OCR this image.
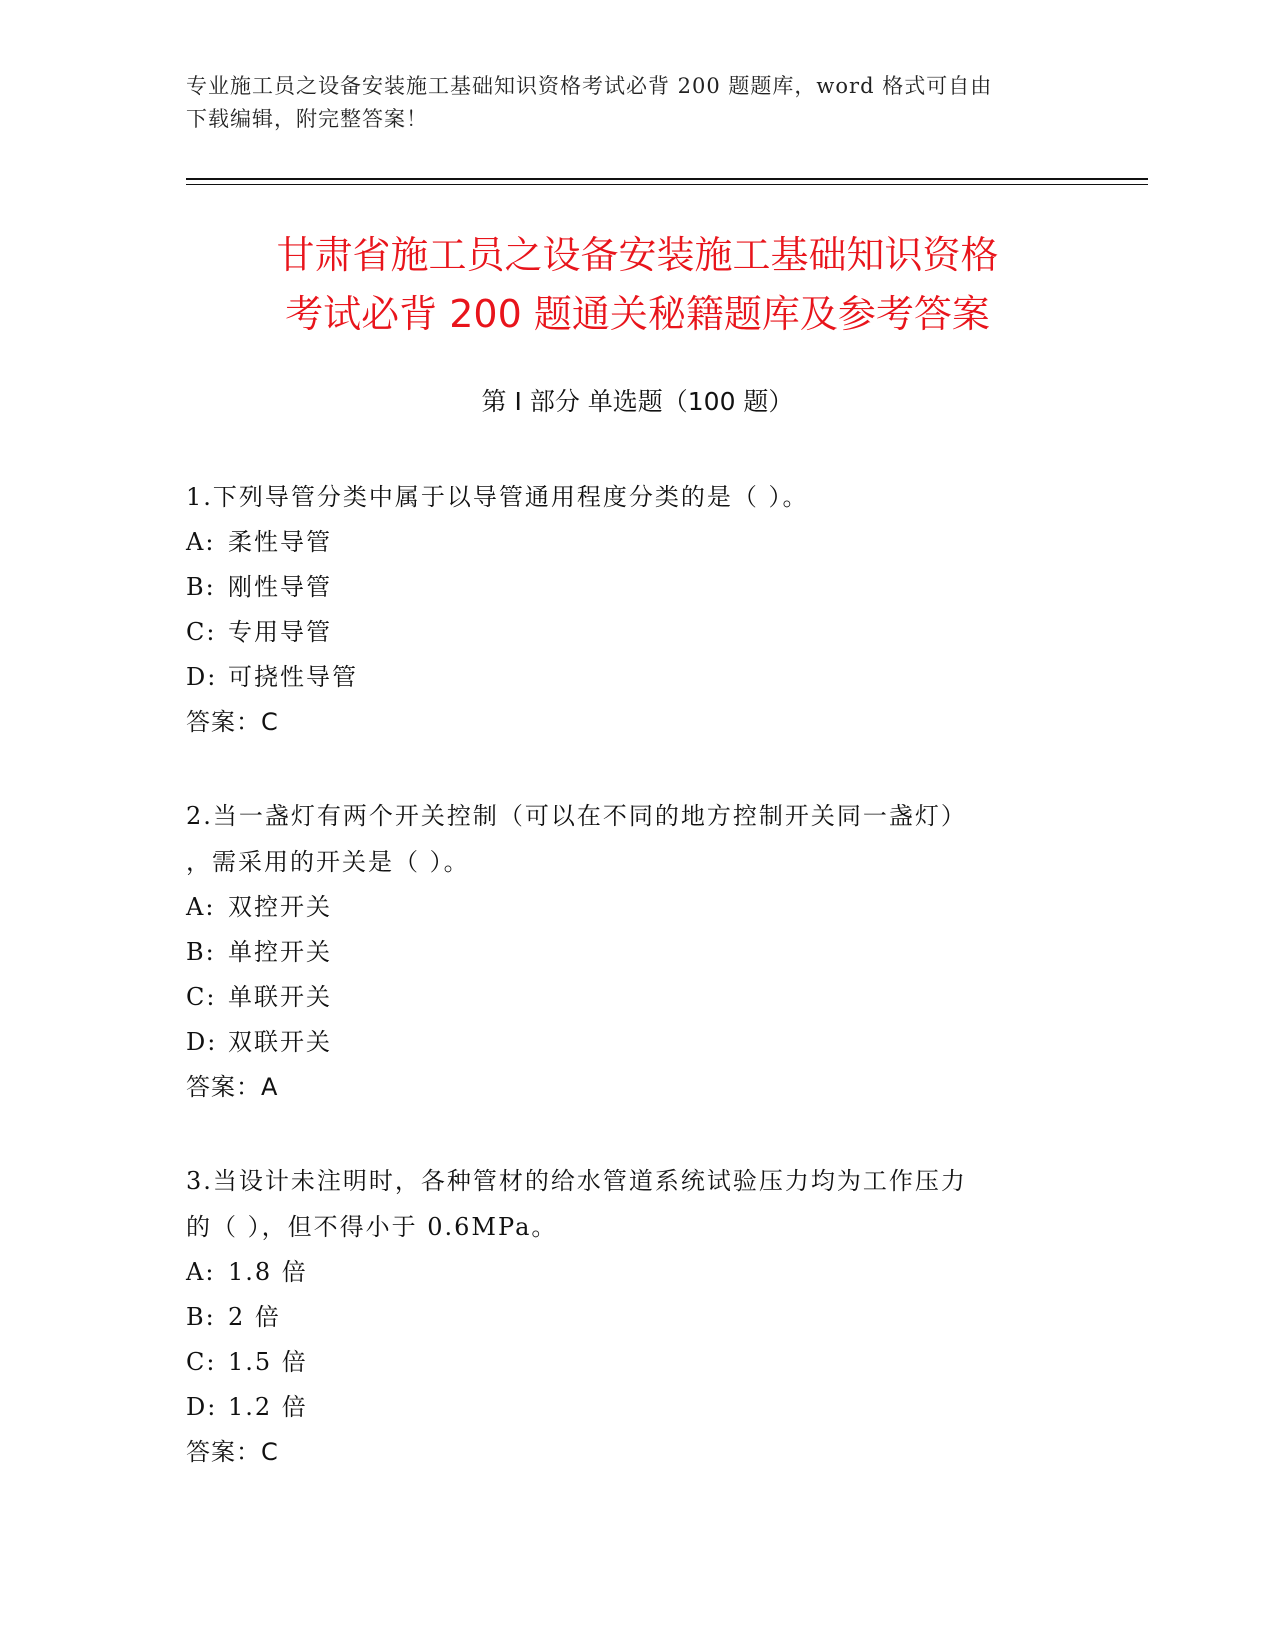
专业施工员之设备安装施工基础知识资格考试必背 200 题题库，word 格式可自由
下载编辑，附完整答案！
甘肃省施工员之设备安装施工基础知识资格
考试必背 200 题通关秘籍题库及参考答案
第 I 部分 单选题（100 题）
1.下列导管分类中属于以导管通用程度分类的是（ ）。
A: 柔性导管
B: 刚性导管
C: 专用导管
D: 可挠性导管
答案：C
2.当一盏灯有两个开关控制（可以在不同的地方控制开关同一盏灯）
，需采用的开关是（ ）。
A: 双控开关
B: 单控开关
C: 单联开关
D: 双联开关
答案：A
3.当设计未注明时，各种管材的给水管道系统试验压力均为工作压力
的（ ），但不得小于 0.6MPa。
A: 1.8 倍
B: 2 倍
C: 1.5 倍
D: 1.2 倍
答案：C
